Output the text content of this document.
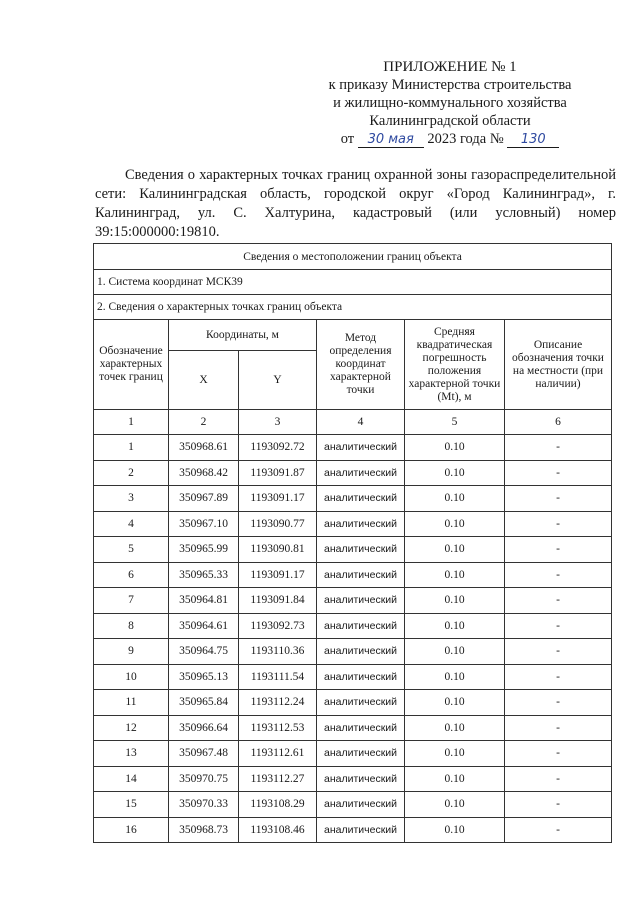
ПРИЛОЖЕНИЕ № 1
к приказу Министерства строительства
и жилищно-коммунального хозяйства
Калининградской области
от 30 мая 2023 года № 130
Сведения о характерных точках границ охранной зоны газораспределительной сети: Калининградская область, городской округ «Город Калининград», г. Калининград, ул. С. Халтурина, кадастровый (или условный) номер 39:15:000000:19810.
Сведения о местоположении границ объекта					
1. Система координат МСК39					
2. Сведения о характерных точках границ объекта					
Обозначение характерных точек границ	Координаты, м		Метод определения координат характерной точки	Средняя квадратическая погрешность положения характерной точки (Mt), м	Описание обозначения точки на местности (при наличии)
	X	Y			
1	2	3	4	5	6
1	350968.61	1193092.72	аналитический	0.10	-
2	350968.42	1193091.87	аналитический	0.10	-
3	350967.89	1193091.17	аналитический	0.10	-
4	350967.10	1193090.77	аналитический	0.10	-
5	350965.99	1193090.81	аналитический	0.10	-
6	350965.33	1193091.17	аналитический	0.10	-
7	350964.81	1193091.84	аналитический	0.10	-
8	350964.61	1193092.73	аналитический	0.10	-
9	350964.75	1193110.36	аналитический	0.10	-
10	350965.13	1193111.54	аналитический	0.10	-
11	350965.84	1193112.24	аналитический	0.10	-
12	350966.64	1193112.53	аналитический	0.10	-
13	350967.48	1193112.61	аналитический	0.10	-
14	350970.75	1193112.27	аналитический	0.10	-
15	350970.33	1193108.29	аналитический	0.10	-
16	350968.73	1193108.46	аналитический	0.10	-
